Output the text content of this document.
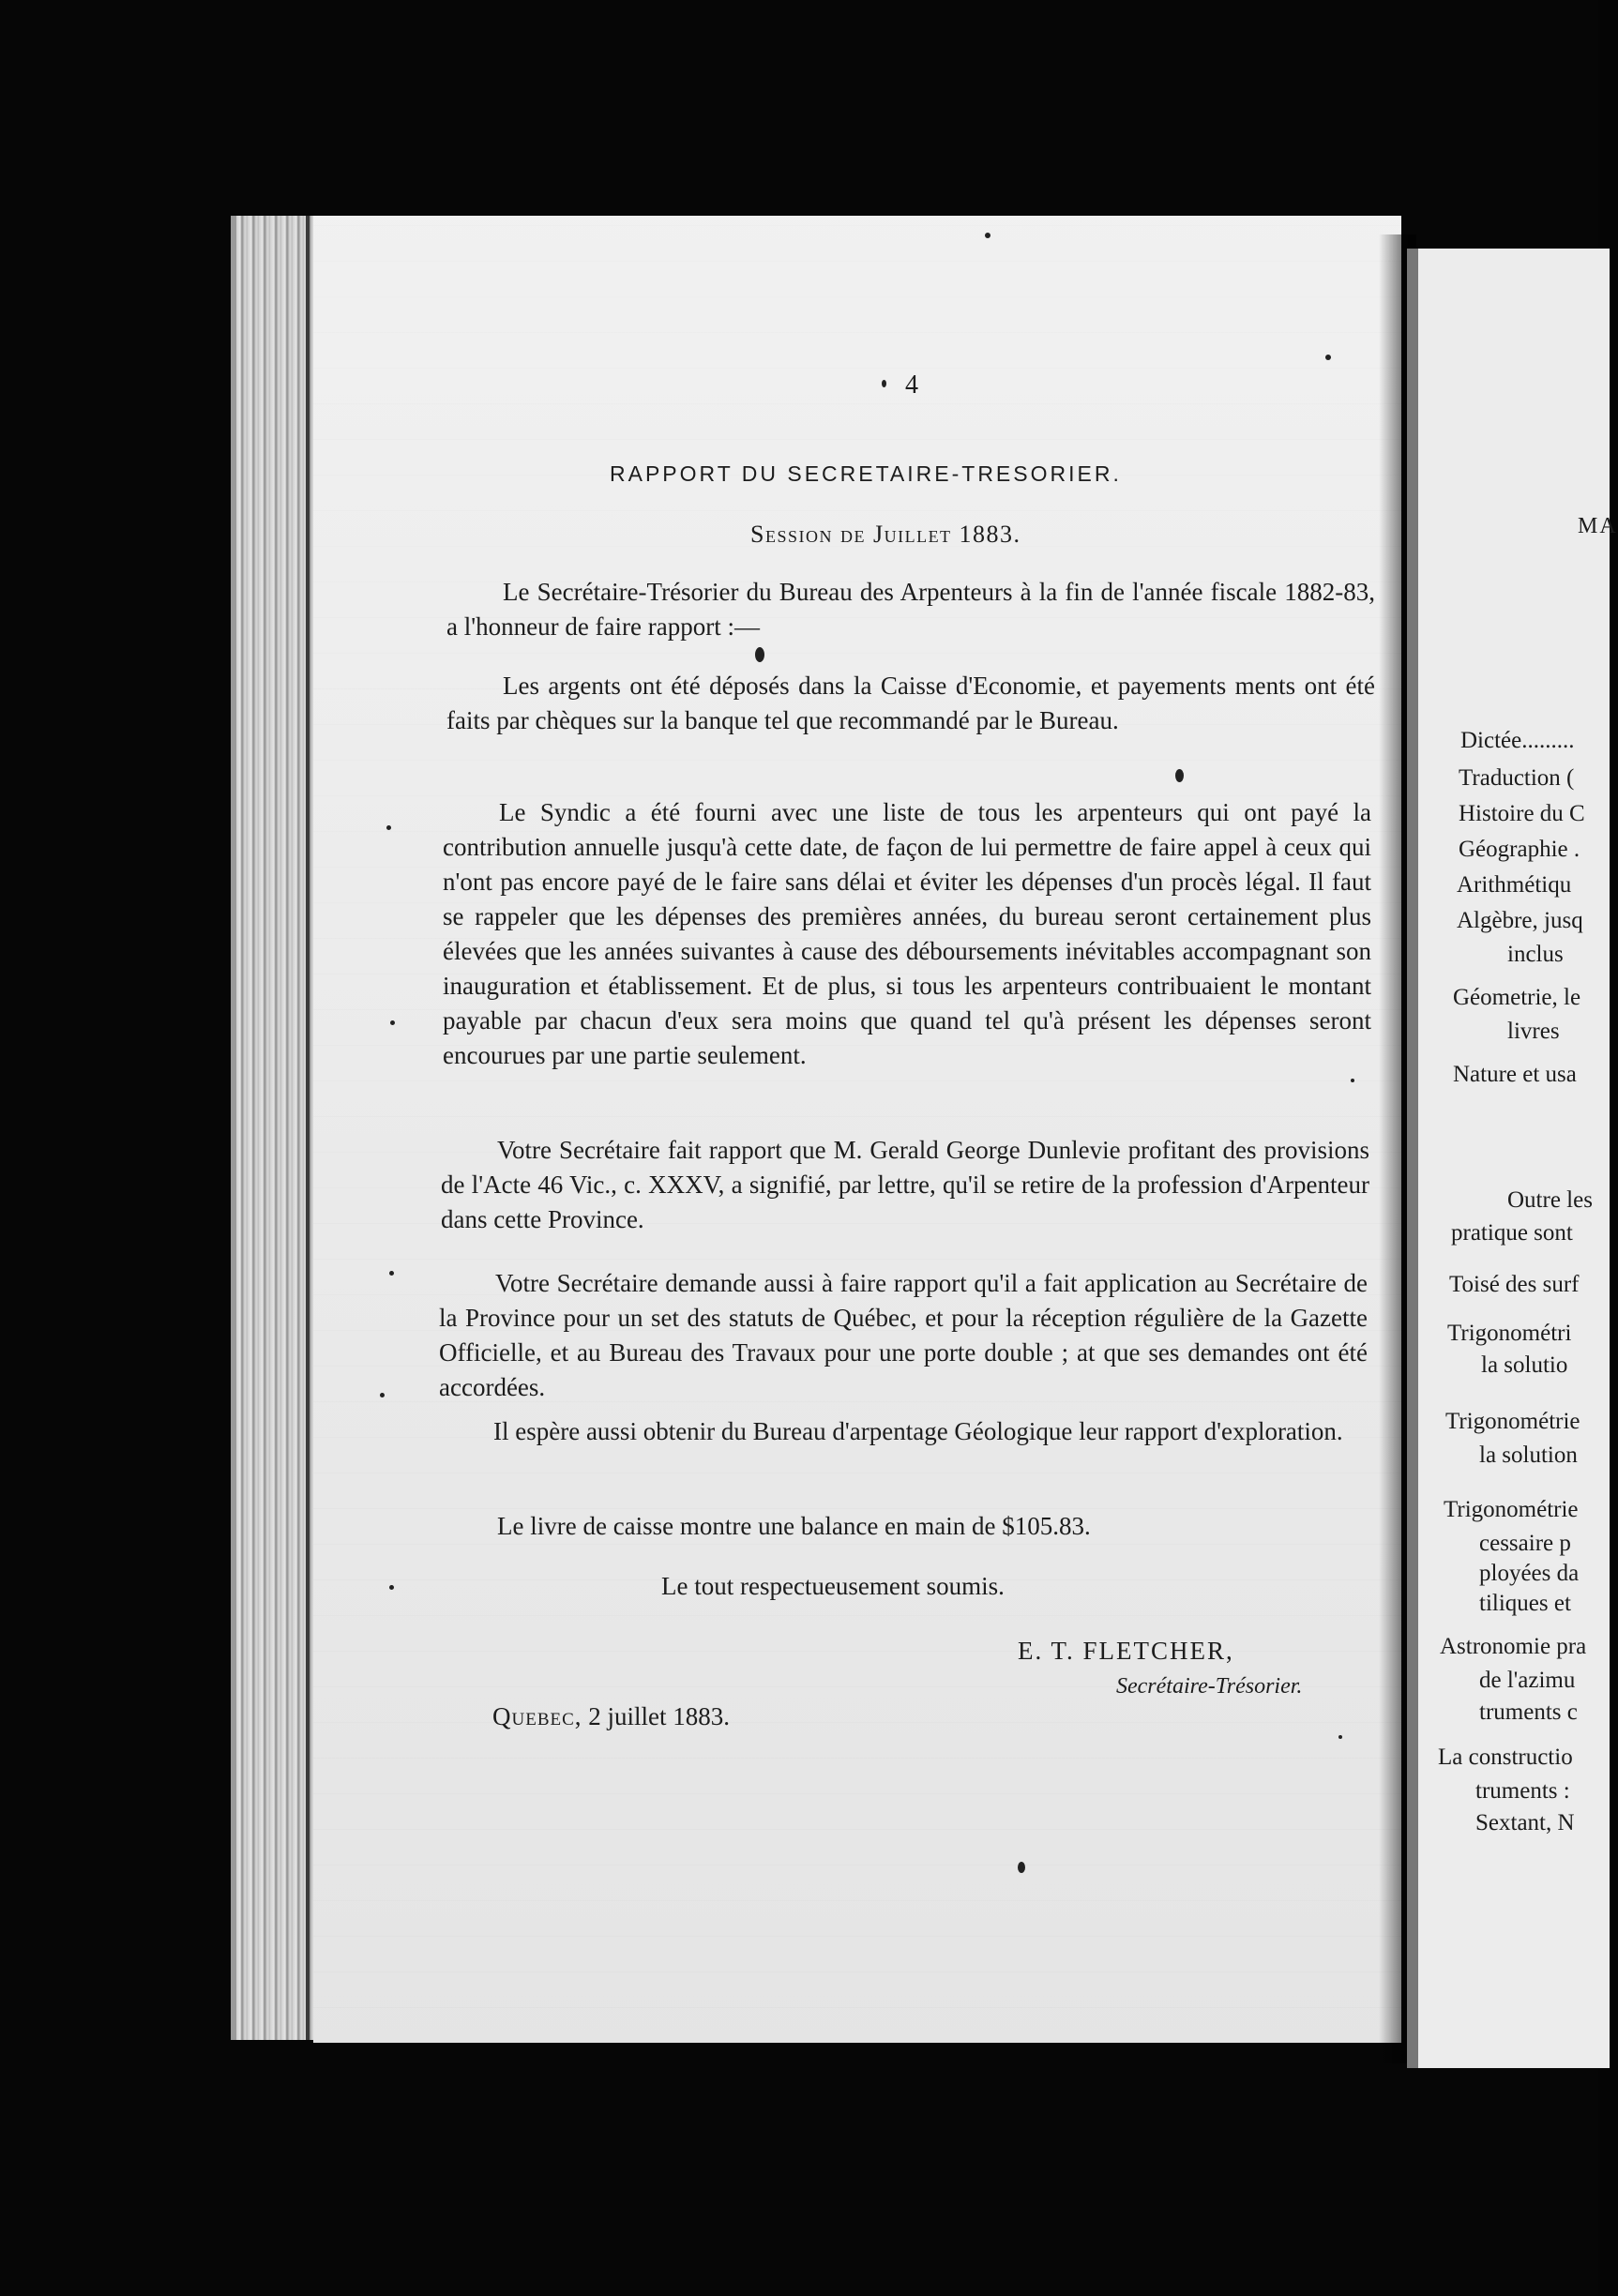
4
RAPPORT DU SECRETAIRE-TRESORIER.
Session de Juillet 1883.
Le Secrétaire-Trésorier du Bureau des Arpenteurs à la fin de l'année fiscale 1882-83, a l'honneur de faire rapport :—
Les argents ont été déposés dans la Caisse d'Economie, et payements ments ont été faits par chèques sur la banque tel que recommandé par le Bureau.
Le Syndic a été fourni avec une liste de tous les arpenteurs qui ont payé la contribution annuelle jusqu'à cette date, de façon de lui permettre de faire appel à ceux qui n'ont pas encore payé de le faire sans délai et éviter les dépenses d'un procès légal. Il faut se rappeler que les dépenses des premières années, du bureau seront certainement plus élevées que les années suivantes à cause des déboursements inévitables accompagnant son inauguration et établissement. Et de plus, si tous les arpenteurs contribuaient le montant payable par chacun d'eux sera moins que quand tel qu'à présent les dépenses seront encourues par une partie seulement.
Votre Secrétaire fait rapport que M. Gerald George Dunlevie profitant des provisions de l'Acte 46 Vic., c. XXXV, a signifié, par lettre, qu'il se retire de la profession d'Arpenteur dans cette Province.
Votre Secrétaire demande aussi à faire rapport qu'il a fait application au Secrétaire de la Province pour un set des statuts de Québec, et pour la réception régulière de la Gazette Officielle, et au Bureau des Travaux pour une porte double ; at que ses demandes ont été accordées.
Il espère aussi obtenir du Bureau d'arpentage Géologique leur rapport d'exploration.
Le livre de caisse montre une balance en main de $105.83.
Le tout respectueusement soumis.
E. T. FLETCHER,
Secrétaire-Trésorier.
Quebec, 2 juillet 1883.
MA
Dictée.........
Traduction (
Histoire du C
Géographie .
Arithmétiqu
Algèbre, jusq
inclus
Géometrie, le
livres
Nature et usa
Outre les
pratique sont
Toisé des surf
Trigonométri
la solutio
Trigonométrie
la solution
Trigonométrie
cessaire p
ployées da
tiliques et
Astronomie pra
de l'azimu
truments c
La constructio
truments :
Sextant, N
